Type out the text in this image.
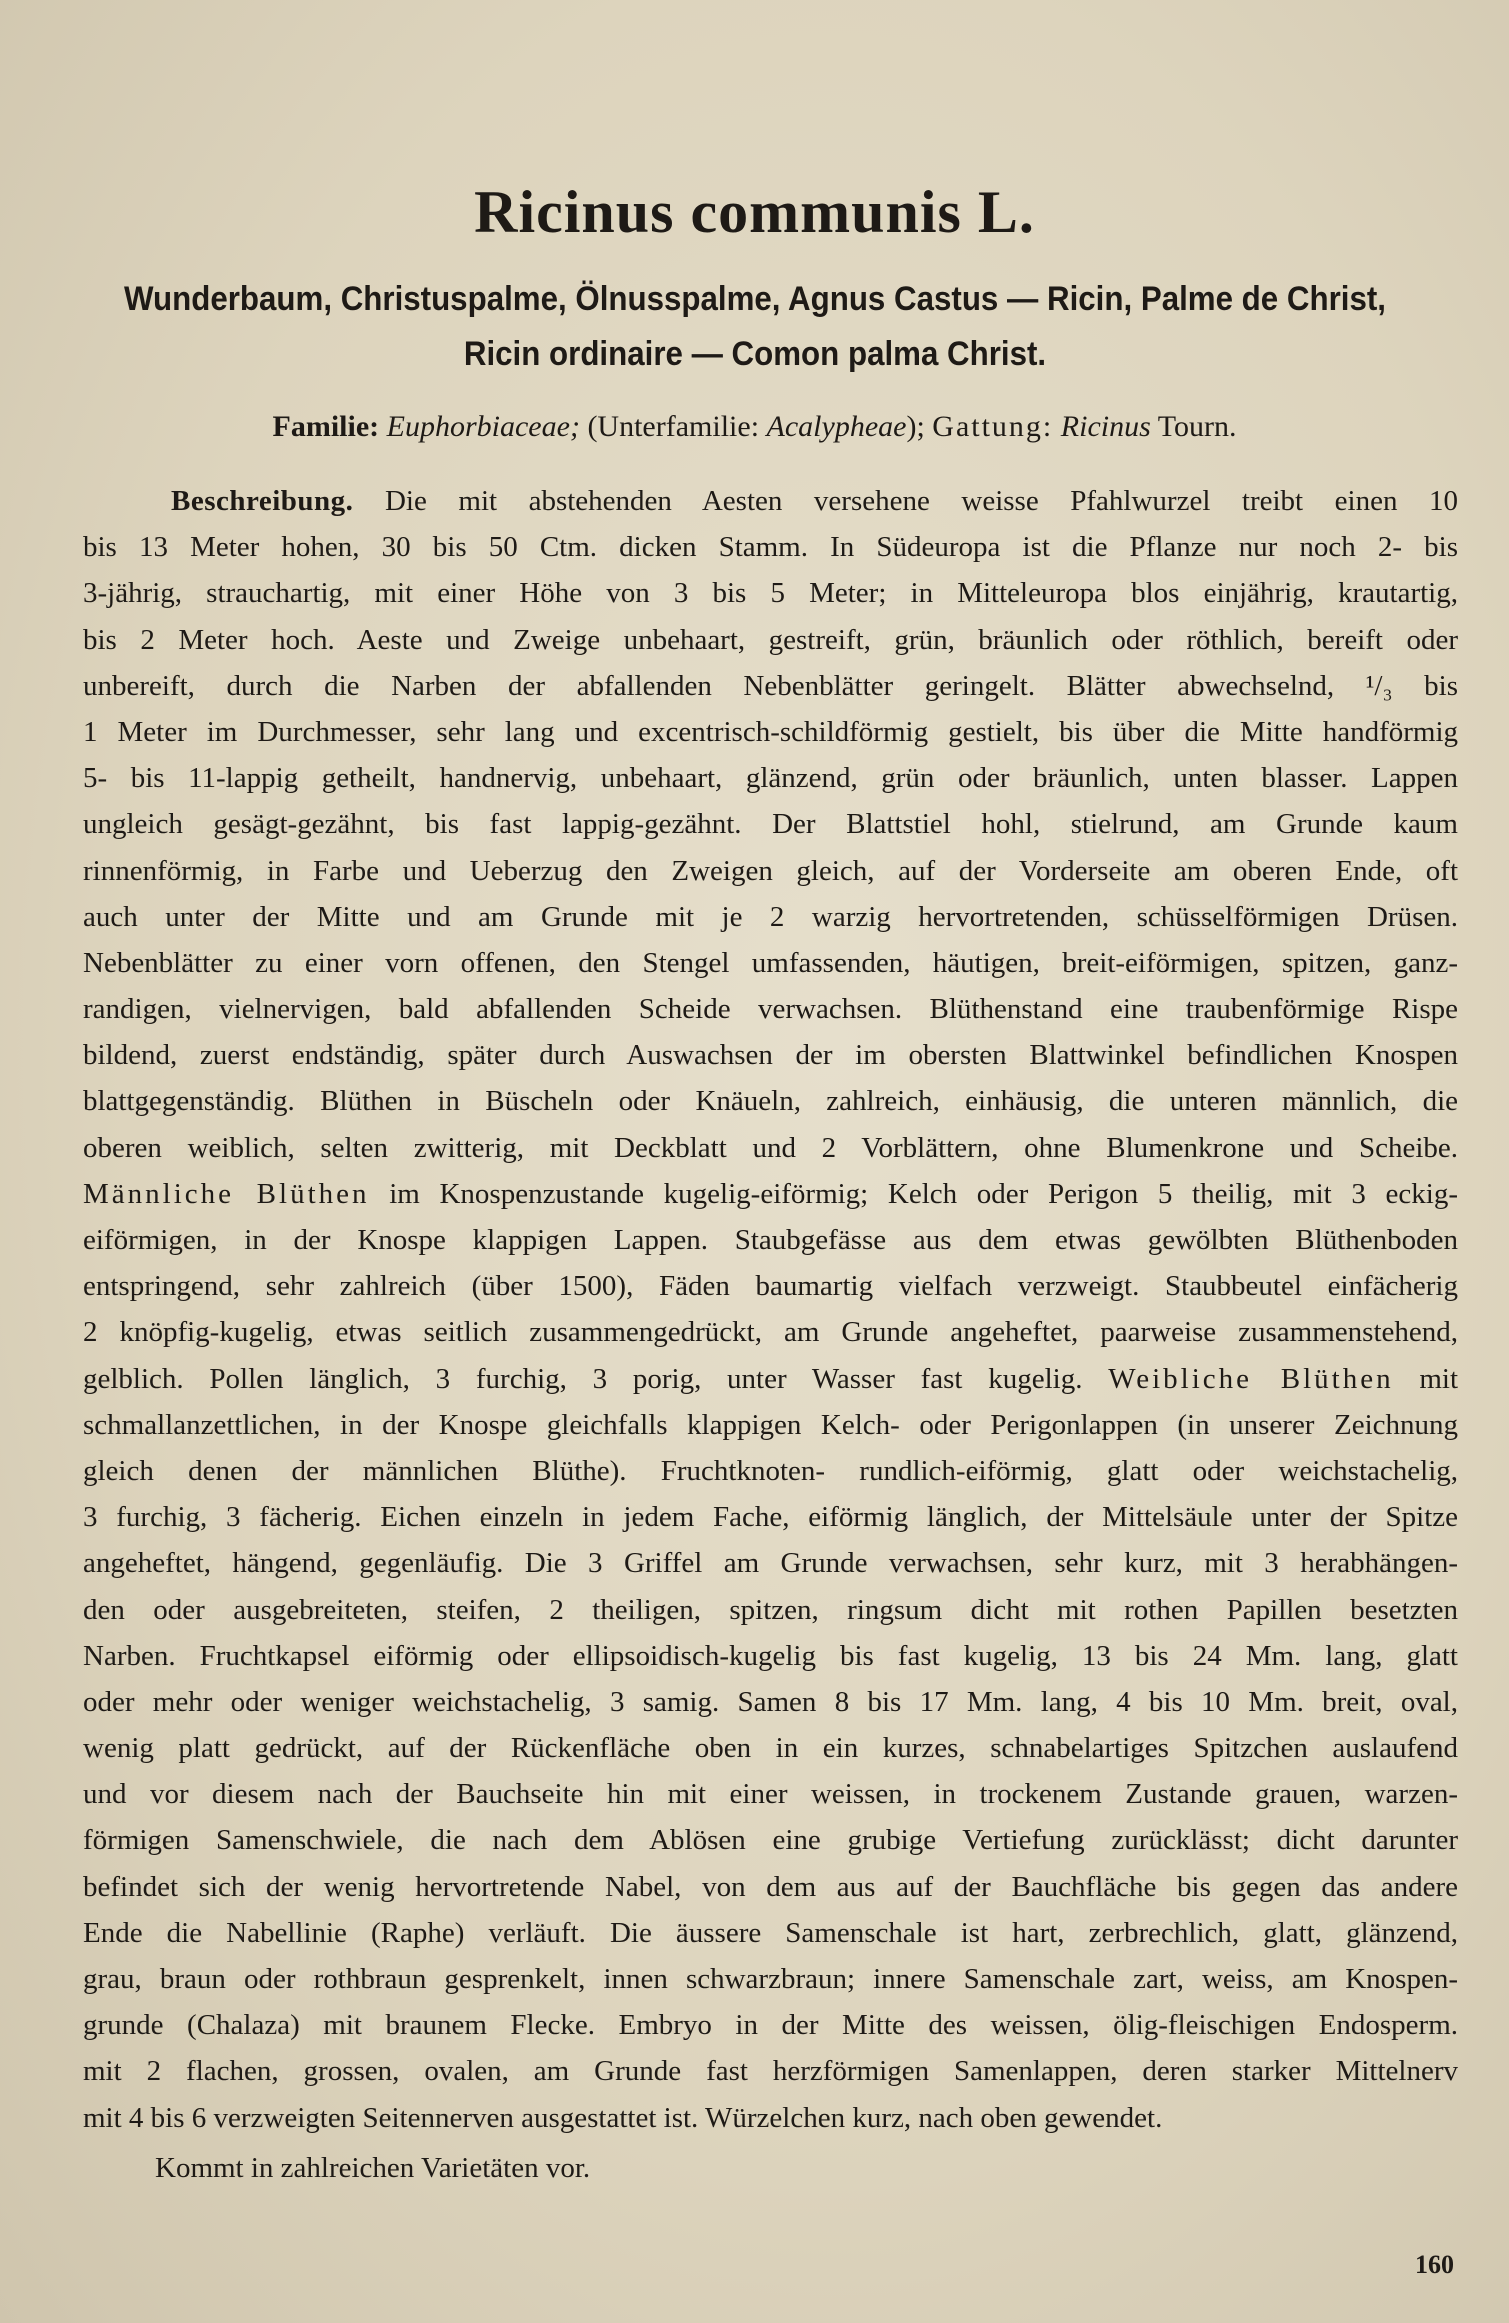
Ricinus communis L.
Wunderbaum, Christuspalme, Ölnusspalme, Agnus Castus — Ricin, Palme de Christ,
Ricin ordinaire — Comon palma Christ.
Familie: Euphorbiaceae; (Unterfamilie: Acalypheae); Gattung: Ricinus Tourn.
Beschreibung. Die mit abstehenden Aesten versehene weisse Pfahlwurzel treibt einen 10
bis 13 Meter hohen, 30 bis 50 Ctm. dicken Stamm. In Südeuropa ist die Pflanze nur noch 2- bis
3-jährig, strauchartig, mit einer Höhe von 3 bis 5 Meter; in Mitteleuropa blos einjährig, krautartig,
bis 2 Meter hoch. Aeste und Zweige unbehaart, gestreift, grün, bräunlich oder röthlich, bereift oder
unbereift, durch die Narben der abfallenden Nebenblätter geringelt. Blätter abwechselnd, ¹/₃ bis
1 Meter im Durchmesser, sehr lang und excentrisch-schildförmig gestielt, bis über die Mitte handförmig
5- bis 11-lappig getheilt, handnervig, unbehaart, glänzend, grün oder bräunlich, unten blasser. Lappen
ungleich gesägt-gezähnt, bis fast lappig-gezähnt. Der Blattstiel hohl, stielrund, am Grunde kaum
rinnenförmig, in Farbe und Ueberzug den Zweigen gleich, auf der Vorderseite am oberen Ende, oft
auch unter der Mitte und am Grunde mit je 2 warzig hervortretenden, schüsselförmigen Drüsen.
Nebenblätter zu einer vorn offenen, den Stengel umfassenden, häutigen, breit-eiförmigen, spitzen, ganz-
randigen, vielnervigen, bald abfallenden Scheide verwachsen. Blüthenstand eine traubenförmige Rispe
bildend, zuerst endständig, später durch Auswachsen der im obersten Blattwinkel befindlichen Knospen
blattgegenständig. Blüthen in Büscheln oder Knäueln, zahlreich, einhäusig, die unteren männlich, die
oberen weiblich, selten zwitterig, mit Deckblatt und 2 Vorblättern, ohne Blumenkrone und Scheibe.
Männliche Blüthen im Knospenzustande kugelig-eiförmig; Kelch oder Perigon 5 theilig, mit 3 eckig-
eiförmigen, in der Knospe klappigen Lappen. Staubgefässe aus dem etwas gewölbten Blüthenboden
entspringend, sehr zahlreich (über 1500), Fäden baumartig vielfach verzweigt. Staubbeutel einfächerig
2 knöpfig-kugelig, etwas seitlich zusammengedrückt, am Grunde angeheftet, paarweise zusammenstehend,
gelblich. Pollen länglich, 3 furchig, 3 porig, unter Wasser fast kugelig. Weibliche Blüthen mit
schmallanzettlichen, in der Knospe gleichfalls klappigen Kelch- oder Perigonlappen (in unserer Zeichnung
gleich denen der männlichen Blüthe). Fruchtknoten- rundlich-eiförmig, glatt oder weichstachelig,
3 furchig, 3 fächerig. Eichen einzeln in jedem Fache, eiförmig länglich, der Mittelsäule unter der Spitze
angeheftet, hängend, gegenläufig. Die 3 Griffel am Grunde verwachsen, sehr kurz, mit 3 herabhängen-
den oder ausgebreiteten, steifen, 2 theiligen, spitzen, ringsum dicht mit rothen Papillen besetzten
Narben. Fruchtkapsel eiförmig oder ellipsoidisch-kugelig bis fast kugelig, 13 bis 24 Mm. lang, glatt
oder mehr oder weniger weichstachelig, 3 samig. Samen 8 bis 17 Mm. lang, 4 bis 10 Mm. breit, oval,
wenig platt gedrückt, auf der Rückenfläche oben in ein kurzes, schnabelartiges Spitzchen auslaufend
und vor diesem nach der Bauchseite hin mit einer weissen, in trockenem Zustande grauen, warzen-
förmigen Samenschwiele, die nach dem Ablösen eine grubige Vertiefung zurücklässt; dicht darunter
befindet sich der wenig hervortretende Nabel, von dem aus auf der Bauchfläche bis gegen das andere
Ende die Nabellinie (Raphe) verläuft. Die äussere Samenschale ist hart, zerbrechlich, glatt, glänzend,
grau, braun oder rothbraun gesprenkelt, innen schwarzbraun; innere Samenschale zart, weiss, am Knospen-
grunde (Chalaza) mit braunem Flecke. Embryo in der Mitte des weissen, ölig-fleischigen Endosperm.
mit 2 flachen, grossen, ovalen, am Grunde fast herzförmigen Samenlappen, deren starker Mittelnerv
mit 4 bis 6 verzweigten Seitennerven ausgestattet ist. Würzelchen kurz, nach oben gewendet.
Kommt in zahlreichen Varietäten vor.
160
